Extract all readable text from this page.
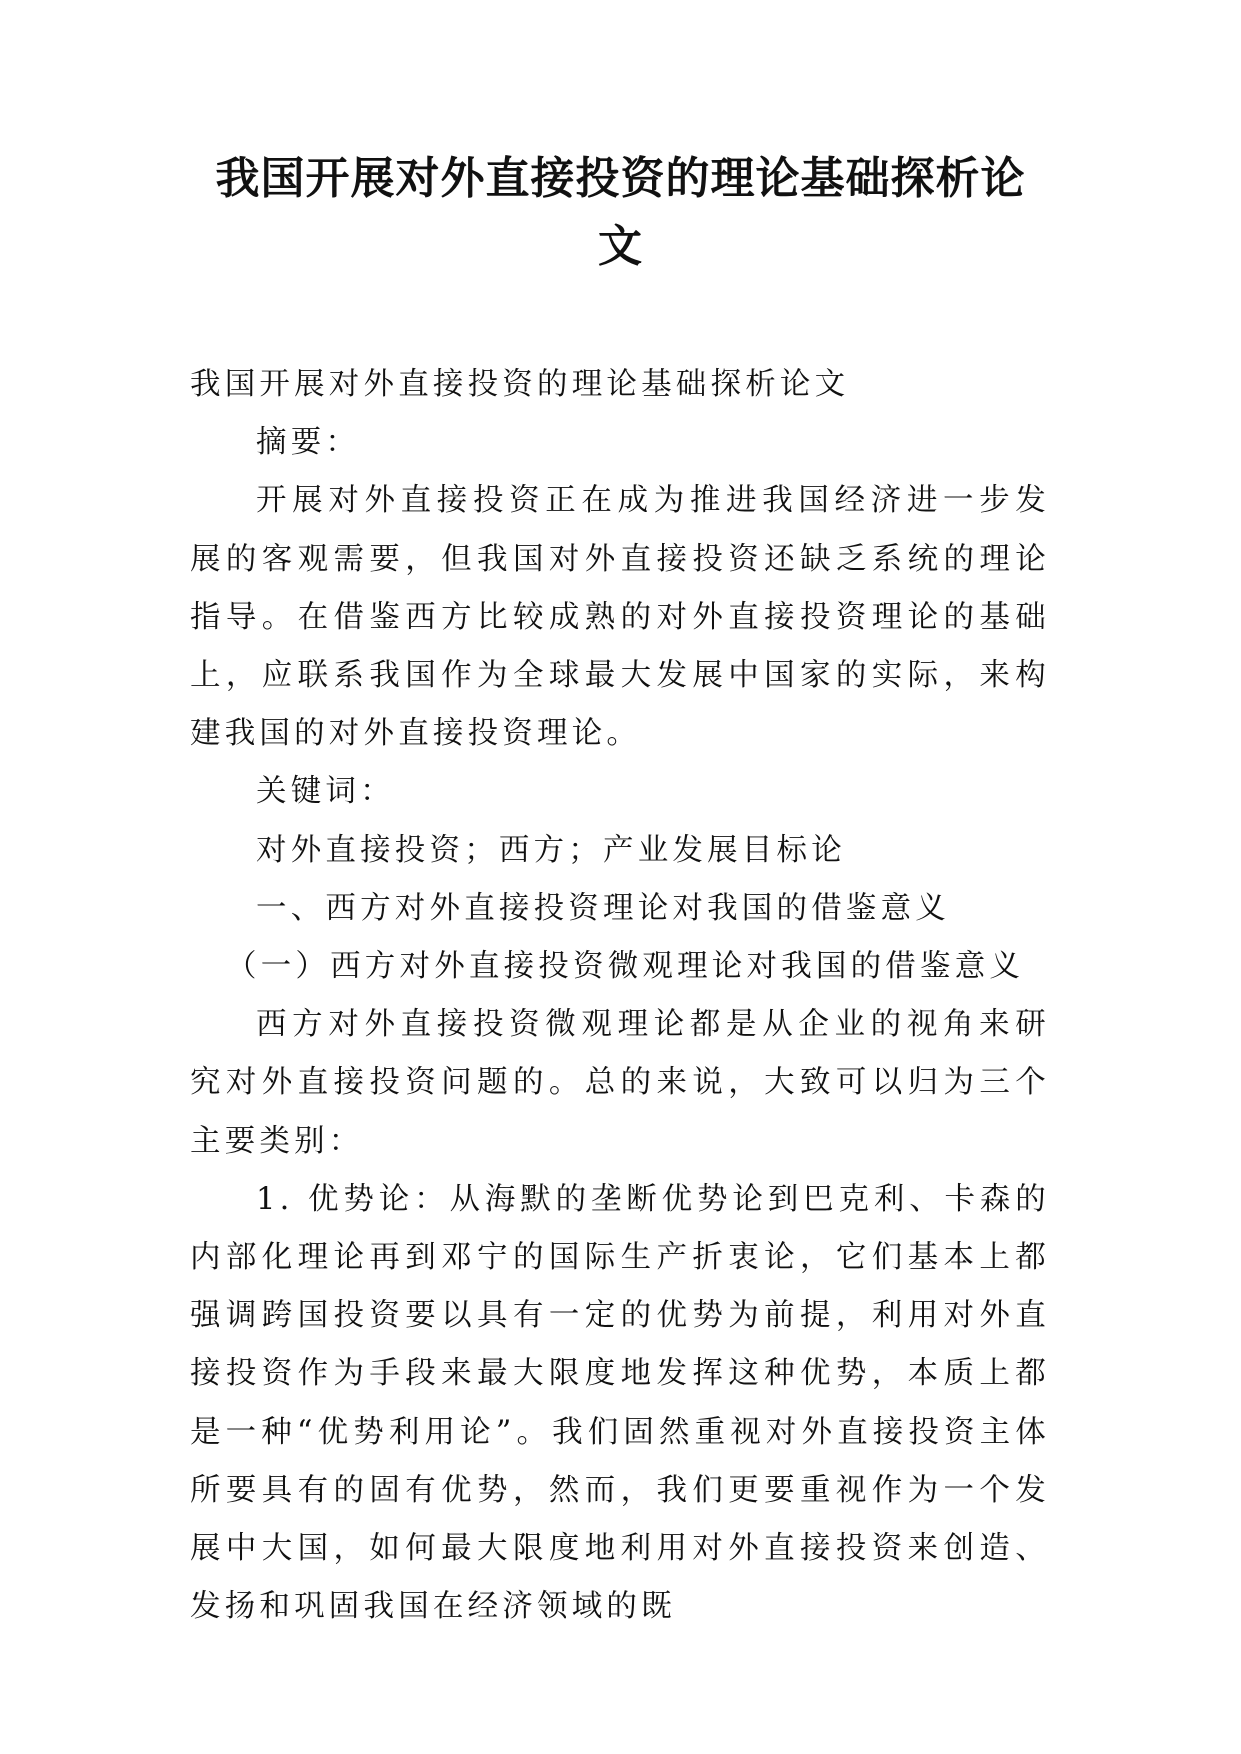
我国开展对外直接投资的理论基础探析论
文

我国开展对外直接投资的理论基础探析论文

摘要：

开展对外直接投资正在成为推进我国经济进一步发展的客观需要，但我国对外直接投资还缺乏系统的理论指导。在借鉴西方比较成熟的对外直接投资理论的基础上，应联系我国作为全球最大发展中国家的实际，来构建我国的对外直接投资理论。

关键词：

对外直接投资；西方；产业发展目标论

一、西方对外直接投资理论对我国的借鉴意义

（一）西方对外直接投资微观理论对我国的借鉴意义

西方对外直接投资微观理论都是从企业的视角来研究对外直接投资问题的。总的来说，大致可以归为三个主要类别：

1. 优势论：从海默的垄断优势论到巴克利、卡森的内部化理论再到邓宁的国际生产折衷论，它们基本上都强调跨国投资要以具有一定的优势为前提，利用对外直接投资作为手段来最大限度地发挥这种优势，本质上都是一种“优势利用论”。我们固然重视对外直接投资主体所要具有的固有优势，然而，我们更要重视作为一个发展中大国，如何最大限度地利用对外直接投资来创造、发扬和巩固我国在经济领域的既
